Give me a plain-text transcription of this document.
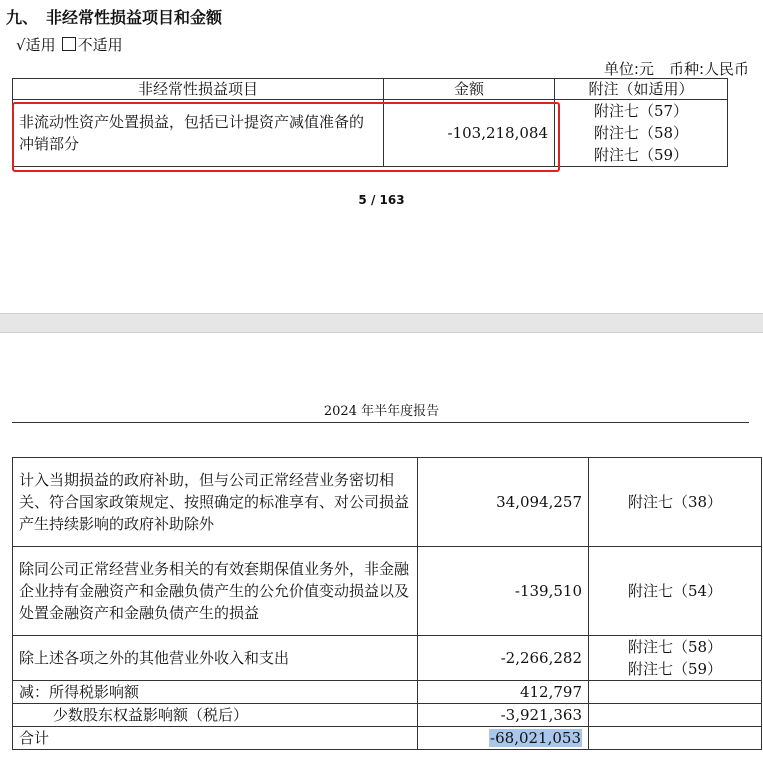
九、　非经常性损益项目和金额
√适用 不适用
单位:元　币种:人民币
非经常性损益项目	金额	附注（如适用）
非流动性资产处置损益，包括已计提资产减值准备的冲销部分	-103,218,084	附注七（57）
附注七（58）
附注七（59）
5 / 163
2024 年半年度报告
计入当期损益的政府补助，但与公司正常经营业务密切相关、符合国家政策规定、按照确定的标准享有、对公司损益产生持续影响的政府补助除外	34,094,257	附注七（38）

除同公司正常经营业务相关的有效套期保值业务外，非金融企业持有金融资产和金融负债产生的公允价值变动损益以及处置金融资产和金融负债产生的损益	-139,510	附注七（54）

除上述各项之外的其他营业外收入和支出	-2,266,282	附注七（58）
附注七（59）

减：所得税影响额	412,797	
少数股东权益影响额（税后）	-3,921,363	
合计	-68,021,053	
